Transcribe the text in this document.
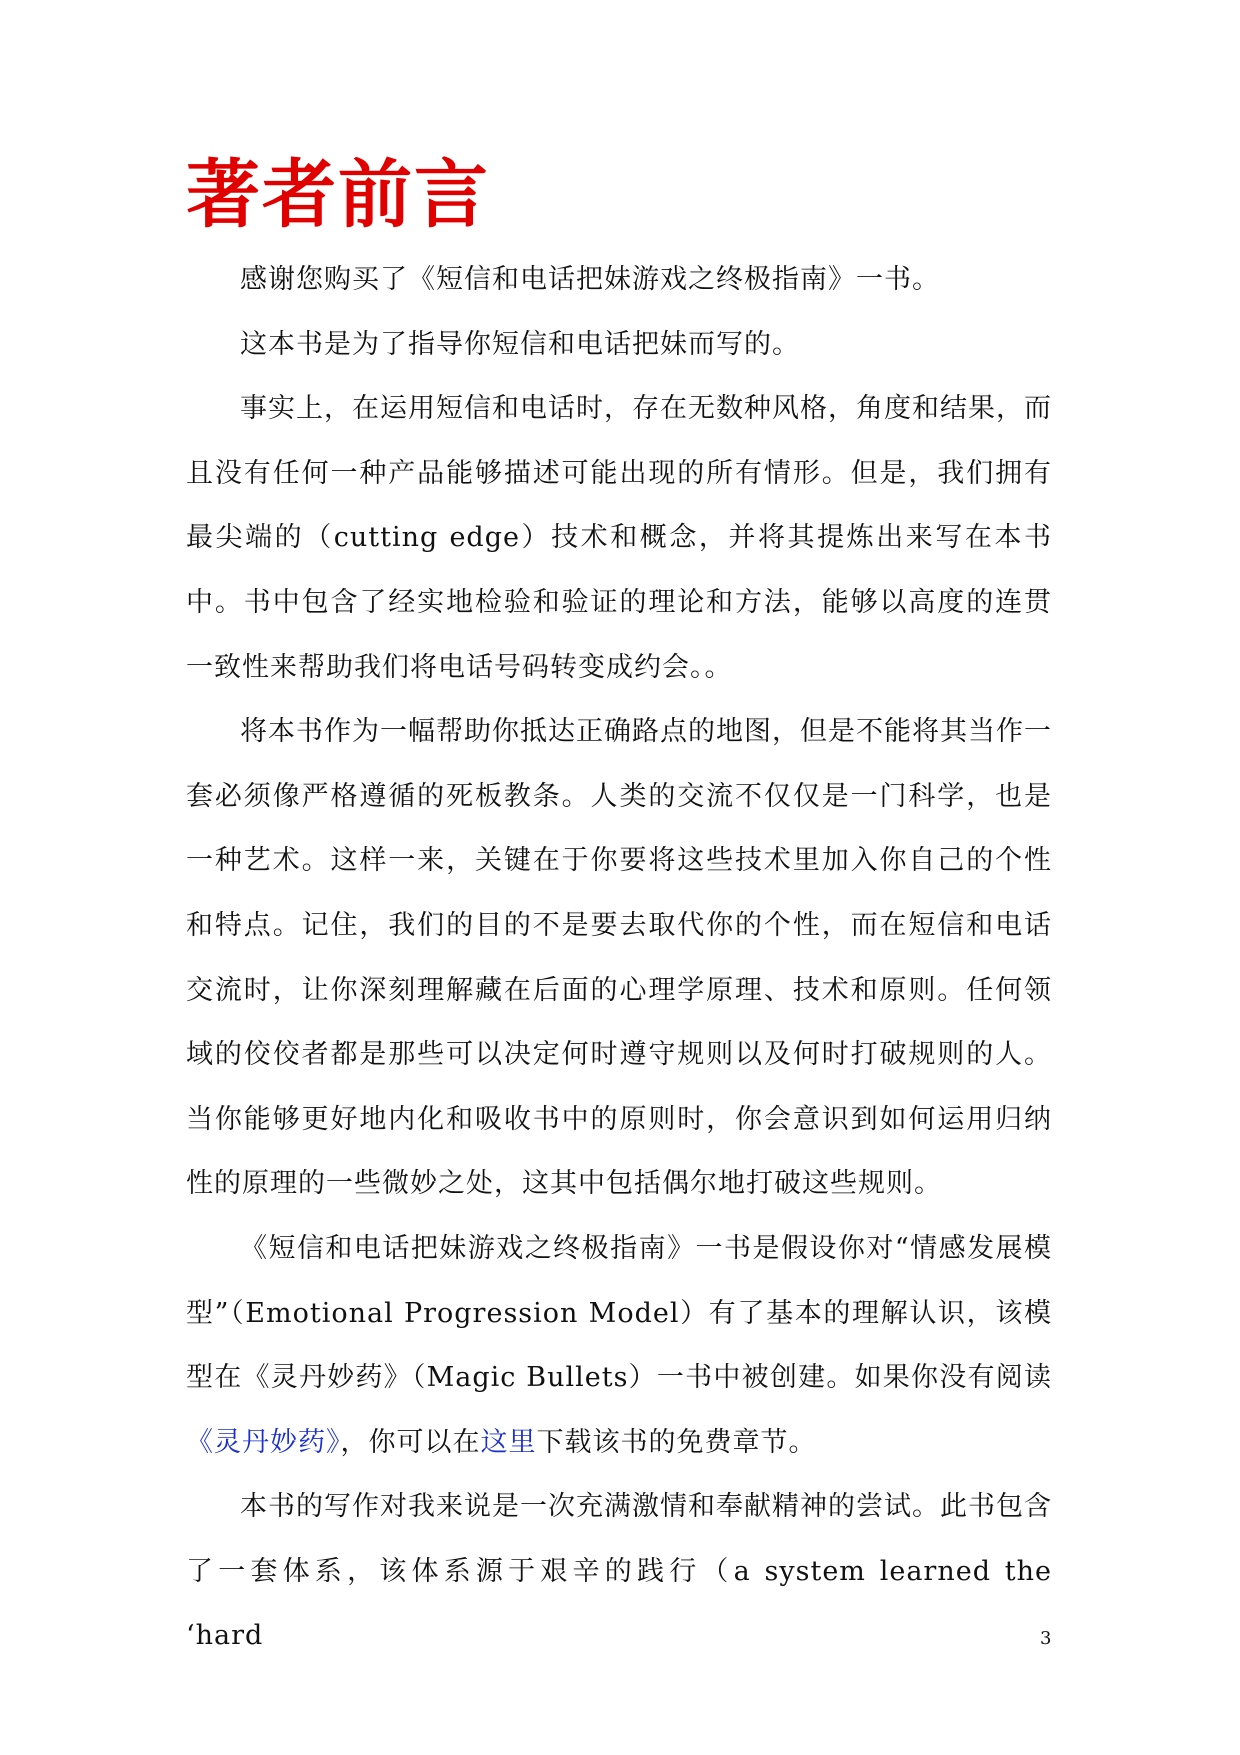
著者前言

感谢您购买了《短信和电话把妹游戏之终极指南》一书。

这本书是为了指导你短信和电话把妹而写的。

事实上，在运用短信和电话时，存在无数种风格，角度和结果，而且没有任何一种产品能够描述可能出现的所有情形。但是，我们拥有最尖端的（cutting edge）技术和概念，并将其提炼出来写在本书中。书中包含了经实地检验和验证的理论和方法，能够以高度的连贯一致性来帮助我们将电话号码转变成约会。。

将本书作为一幅帮助你抵达正确路点的地图，但是不能将其当作一套必须像严格遵循的死板教条。人类的交流不仅仅是一门科学，也是一种艺术。这样一来，关键在于你要将这些技术里加入你自己的个性和特点。记住，我们的目的不是要去取代你的个性，而在短信和电话交流时，让你深刻理解藏在后面的心理学原理、技术和原则。任何领域的佼佼者都是那些可以决定何时遵守规则以及何时打破规则的人。当你能够更好地内化和吸收书中的原则时，你会意识到如何运用归纳性的原理的一些微妙之处，这其中包括偶尔地打破这些规则。

《短信和电话把妹游戏之终极指南》一书是假设你对“情感发展模型”（Emotional Progression Model）有了基本的理解认识，该模型在《灵丹妙药》（Magic Bullets）一书中被创建。如果你没有阅读《灵丹妙药》，你可以在这里下载该书的免费章节。

本书的写作对我来说是一次充满激情和奉献精神的尝试。此书包含了一套体系，该体系源于艰辛的践行（a system learned the ‘hard	3
